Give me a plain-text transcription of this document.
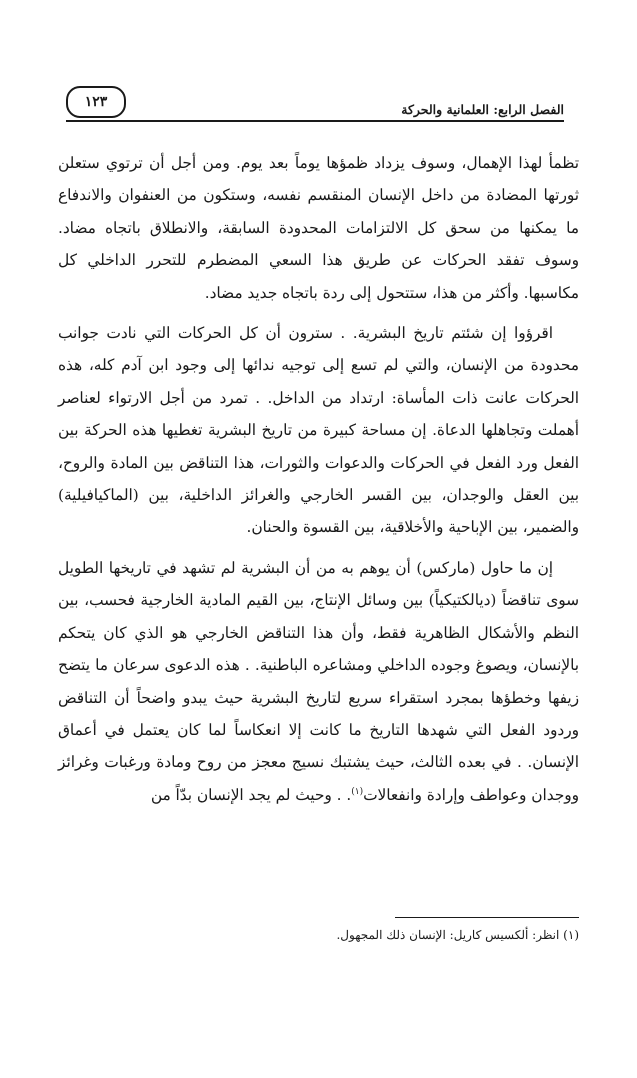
الفصل الرابع: العلمانية والحركة
١٢٣

تظمأ لهذا الإهمال، وسوف يزداد ظمؤها يوماً بعد يوم. ومن أجل أن ترتوي ستعلن ثورتها المضادة من داخل الإنسان المنقسم نفسه، وستكون من العنفوان والاندفاع ما يمكنها من سحق كل الالتزامات المحدودة السابقة، والانطلاق باتجاه مضاد. وسوف تفقد الحركات عن طريق هذا السعي المضطرم للتحرر الداخلي كل مكاسبها. وأكثر من هذا، ستتحول إلى ردة باتجاه جديد مضاد.

اقرؤوا إن شئتم تاريخ البشرية. . سترون أن كل الحركات التي نادت جوانب محدودة من الإنسان، والتي لم تسع إلى توجيه ندائها إلى وجود ابن آدم كله، هذه الحركات عانت ذات المأساة: ارتداد من الداخل. . تمرد من أجل الارتواء لعناصر أهملت وتجاهلها الدعاة. إن مساحة كبيرة من تاريخ البشرية تغطيها هذه الحركة بين الفعل ورد الفعل في الحركات والدعوات والثورات، هذا التناقض بين المادة والروح، بين العقل والوجدان، بين القسر الخارجي والغرائز الداخلية، بين (الماكيافيلية) والضمير، بين الإباحية والأخلاقية، بين القسوة والحنان.

إن ما حاول (ماركس) أن يوهم به من أن البشرية لم تشهد في تاريخها الطويل سوى تناقضاً (ديالكتيكياً) بين وسائل الإنتاج، بين القيم المادية الخارجية فحسب، بين النظم والأشكال الظاهرية فقط، وأن هذا التناقض الخارجي هو الذي كان يتحكم بالإنسان، ويصوغ وجوده الداخلي ومشاعره الباطنية. . هذه الدعوى سرعان ما يتضح زيفها وخطؤها بمجرد استقراء سريع لتاريخ البشرية حيث يبدو واضحاً أن التناقض وردود الفعل التي شهدها التاريخ ما كانت إلا انعكاساً لما كان يعتمل في أعماق الإنسان. . في بعده الثالث، حيث يشتبك نسيج معجز من روح ومادة ورغبات وغرائز ووجدان وعواطف وإرادة وانفعالات$^{(١)}$. . وحيث لم يجد الإنسان بدّاً من

(١) انظر: ألكسيس كاريل: الإنسان ذلك المجهول.
